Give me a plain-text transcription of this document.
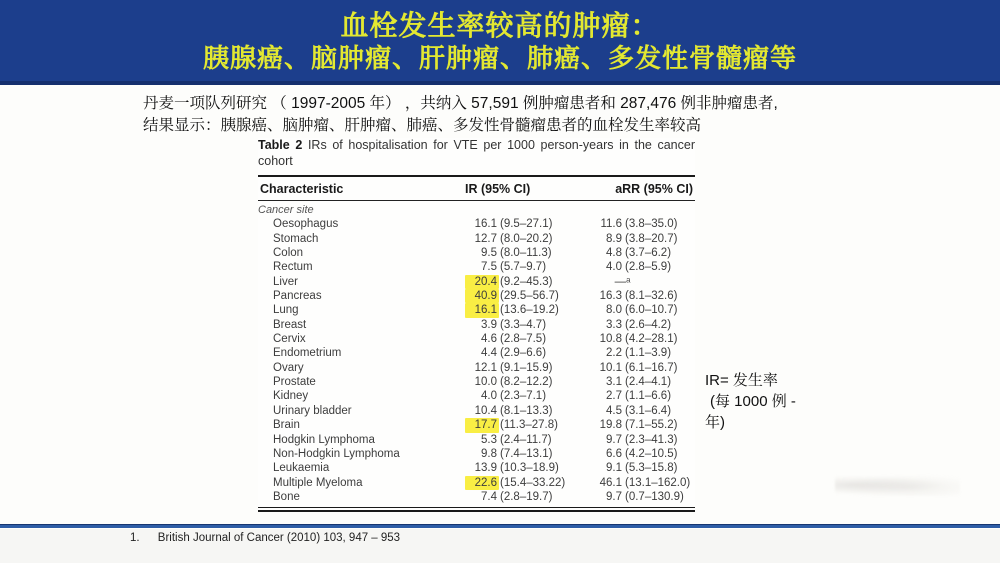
血栓发生率较高的肿瘤：
胰腺癌、脑肿瘤、肝肿瘤、肺癌、多发性骨髓瘤等
丹麦一项队列研究 （ 1997-2005 年） ，共纳入 57,591 例肿瘤患者和 287,476 例非肿瘤患者,
结果显示：胰腺癌、脑肿瘤、肝肿瘤、肺癌、多发性骨髓瘤患者的血栓发生率较高
Table 2 IRs of hospitalisation for VTE per 1000 person-years in the cancer cohort
Characteristic	IR (95% CI)	aRR (95% CI)
Cancer site
Oesophagus	16.1 (9.5–27.1)	11.6 (3.8–35.0)
Stomach	12.7 (8.0–20.2)	8.9 (3.8–20.7)
Colon	9.5 (8.0–11.3)	4.8 (3.7–6.2)
Rectum	7.5 (5.7–9.7)	4.0 (2.8–5.9)
Liver	20.4 (9.2–45.3)	—ᵃ
Pancreas	40.9 (29.5–56.7)	16.3 (8.1–32.6)
Lung	16.1 (13.6–19.2)	8.0 (6.0–10.7)
Breast	3.9 (3.3–4.7)	3.3 (2.6–4.2)
Cervix	4.6 (2.8–7.5)	10.8 (4.2–28.1)
Endometrium	4.4 (2.9–6.6)	2.2 (1.1–3.9)
Ovary	12.1 (9.1–15.9)	10.1 (6.1–16.7)
Prostate	10.0 (8.2–12.2)	3.1 (2.4–4.1)
Kidney	4.0 (2.3–7.1)	2.7 (1.1–6.6)
Urinary bladder	10.4 (8.1–13.3)	4.5 (3.1–6.4)
Brain	17.7 (11.3–27.8)	19.8 (7.1–55.2)
Hodgkin Lymphoma	5.3 (2.4–11.7)	9.7 (2.3–41.3)
Non-Hodgkin Lymphoma	9.8 (7.4–13.1)	6.6 (4.2–10.5)
Leukaemia	13.9 (10.3–18.9)	9.1 (5.3–15.8)
Multiple Myeloma	22.6 (15.4–33.22)	46.1 (13.1–162.0)
Bone	7.4 (2.8–19.7)	9.7 (0.7–130.9)
IR= 发生率
(每 1000 例 -
年)
1. British Journal of Cancer (2010) 103, 947 – 953
